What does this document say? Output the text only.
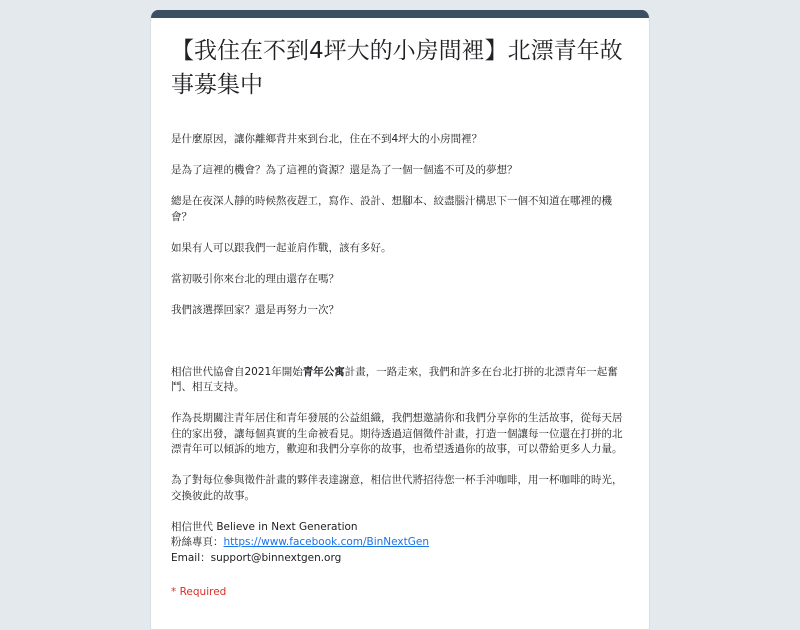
【我住在不到4坪大的小房間裡】北漂青年故事募集中

是什麼原因，讓你離鄉背井來到台北，住在不到4坪大的小房間裡？

是為了這裡的機會？為了這裡的資源？還是為了一個一個遙不可及的夢想？

總是在夜深人靜的時候熬夜趕工，寫作、設計、想腳本、絞盡腦汁構思下一個不知道在哪裡的機會？

如果有人可以跟我們一起並肩作戰，該有多好。

當初吸引你來台北的理由還存在嗎？

我們該選擇回家？還是再努力一次？

相信世代協會自2021年開始青年公寓計畫，一路走來，我們和許多在台北打拼的北漂青年一起奮鬥、相互支持。

作為長期關注青年居住和青年發展的公益組織，我們想邀請你和我們分享你的生活故事，從每天居住的家出發，讓每個真實的生命被看見。期待透過這個徵件計畫，打造一個讓每一位還在打拼的北漂青年可以傾訴的地方，歡迎和我們分享你的故事，也希望透過你的故事，可以帶給更多人力量。

為了對每位參與徵件計畫的夥伴表達謝意，相信世代將招待您一杯手沖咖啡，用一杯咖啡的時光，交換彼此的故事。

相信世代 Believe in Next Generation

粉絲專頁：https://www.facebook.com/BinNextGen

Email：support@binnextgen.org

* Required
